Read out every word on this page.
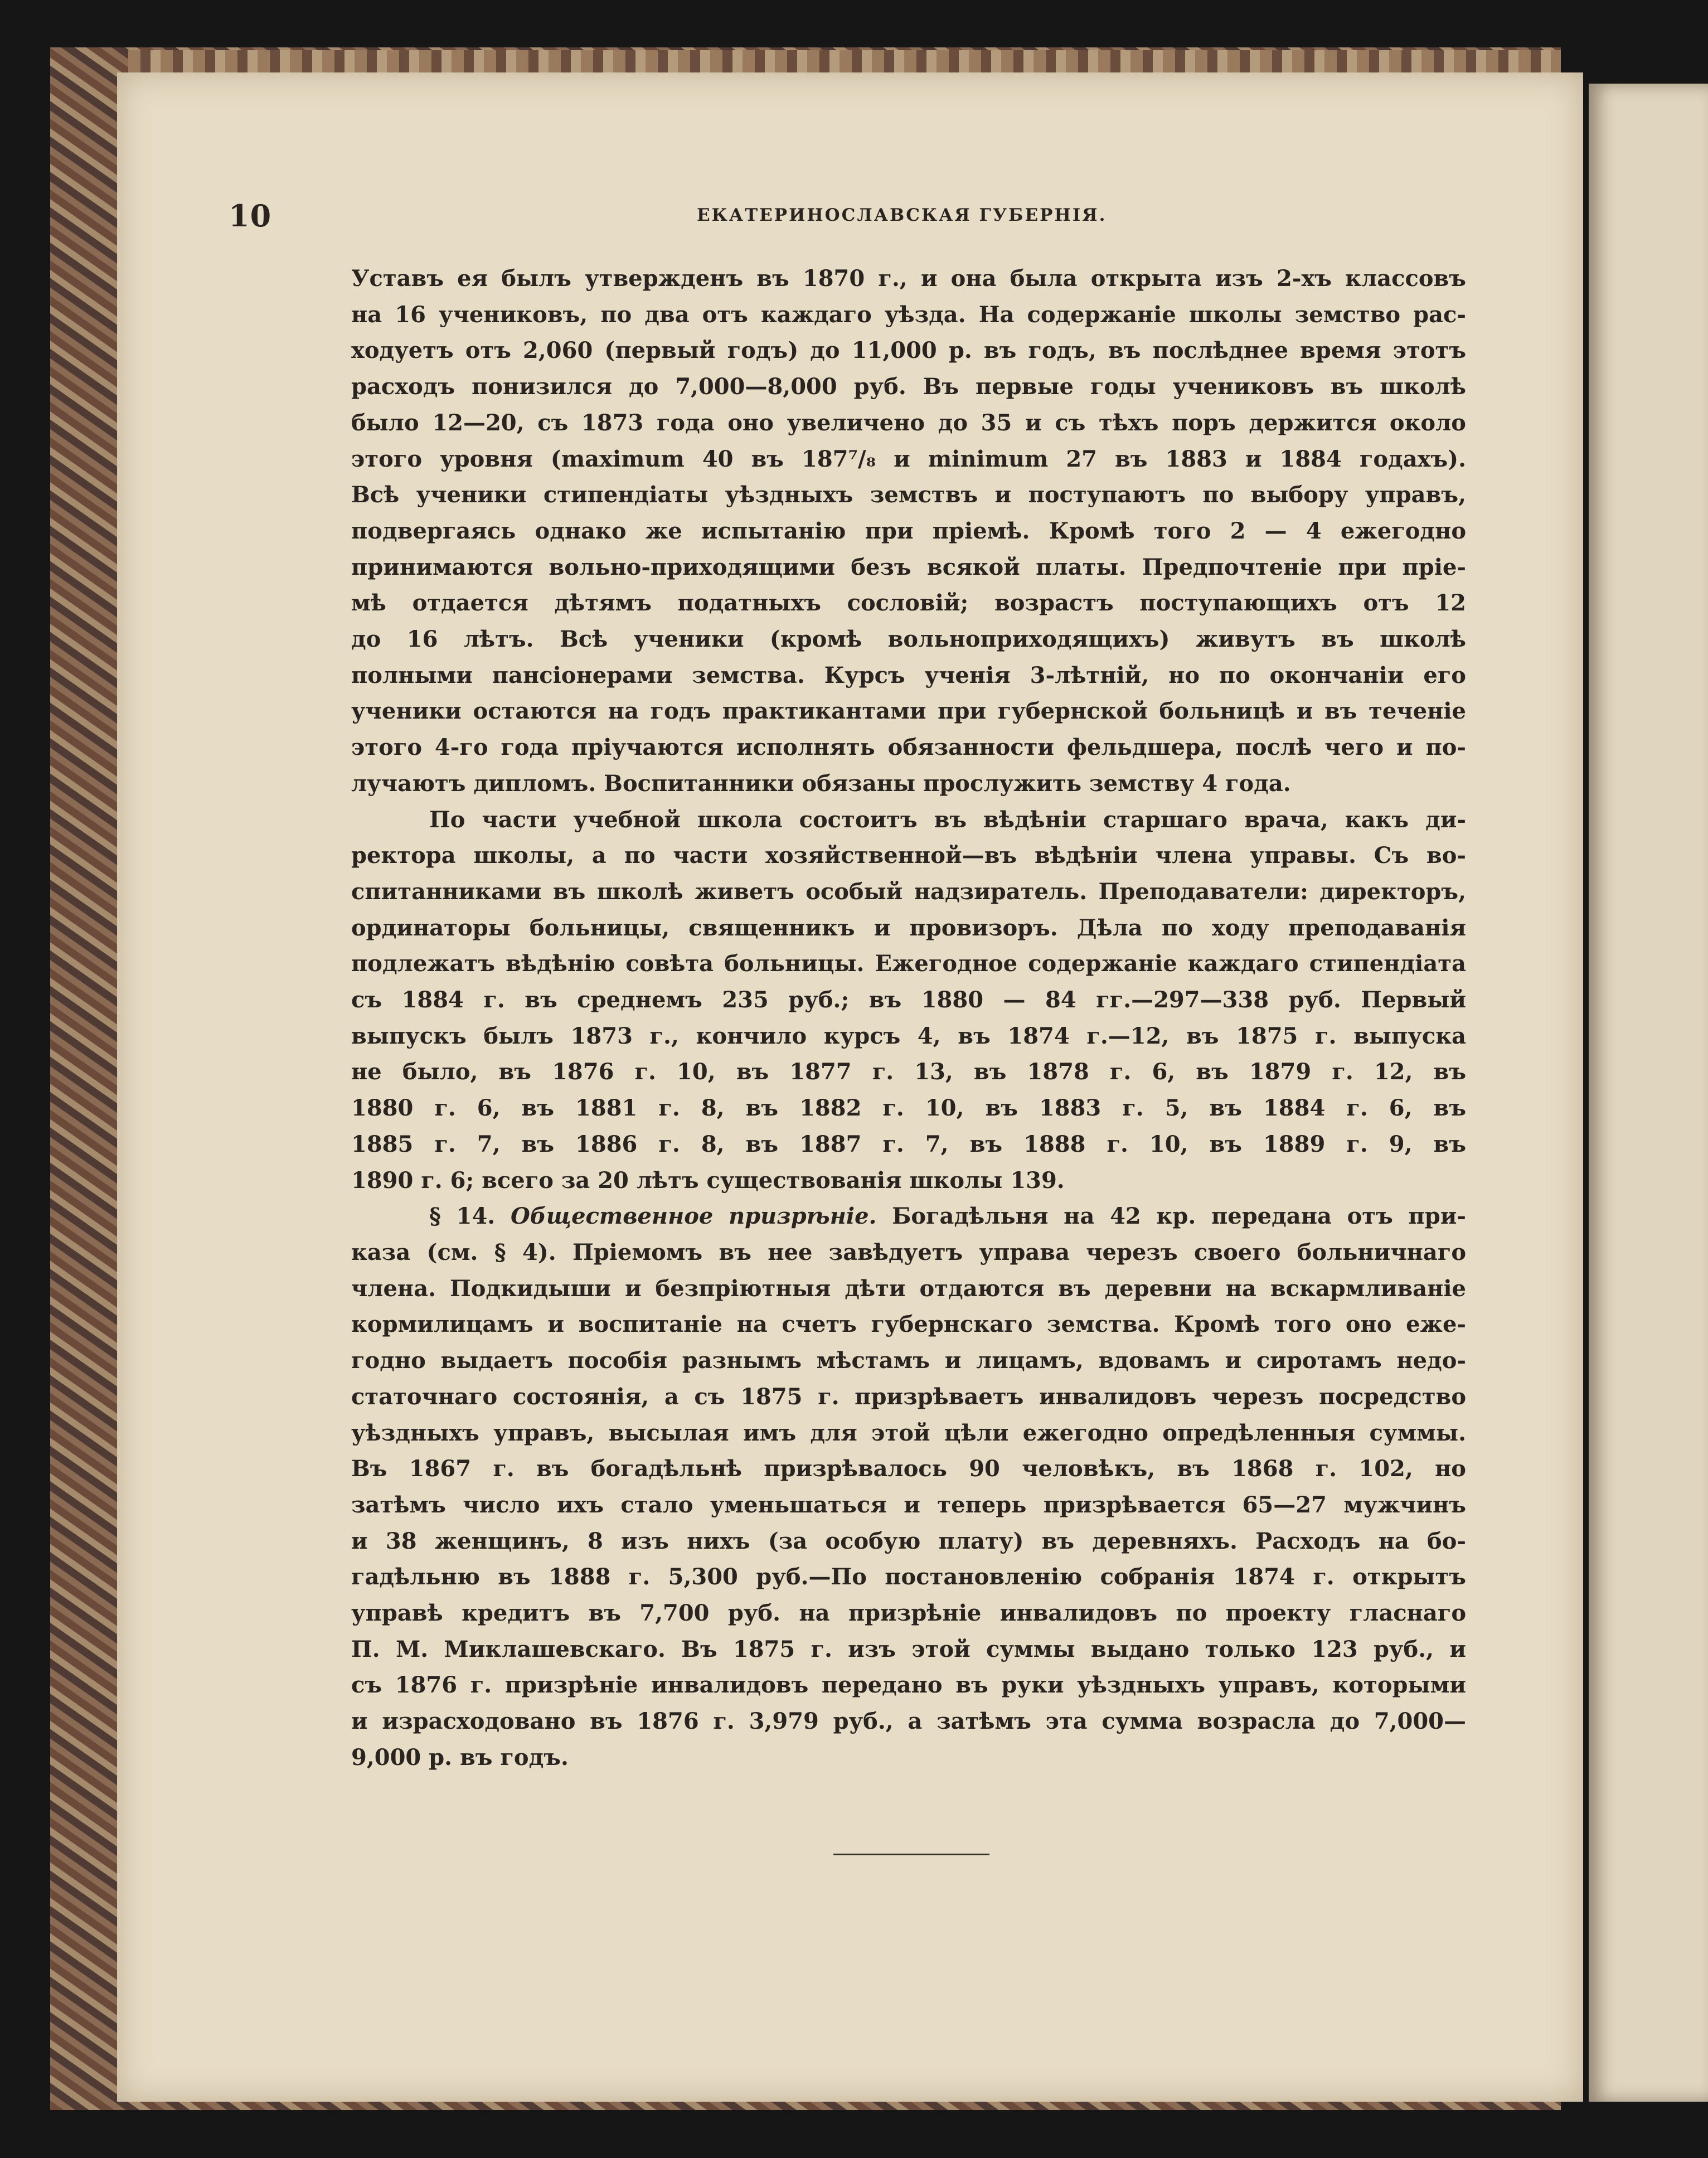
10	ЕКАТЕРИНОСЛАВСКАЯ ГУБЕРНІЯ.
Уставъ ея былъ утвержденъ въ 1870 г., и она была открыта изъ 2-хъ классовъ
на 16 учениковъ, по два отъ каждаго уѣзда. На содержаніе школы земство рас-
ходуетъ отъ 2,060 (первый годъ) до 11,000 р. въ годъ, въ послѣднее время этотъ
расходъ понизился до 7,000—8,000 руб. Въ первые годы учениковъ въ школѣ
было 12—20, съ 1873 года оно увеличено до 35 и съ тѣхъ поръ держится около
этого уровня (maximum 40 въ 187⁷/₈ и minimum 27 въ 1883 и 1884 годахъ).
Всѣ ученики стипендіаты уѣздныхъ земствъ и поступаютъ по выбору управъ,
подвергаясь однако же испытанію при пріемѣ. Кромѣ того 2 — 4 ежегодно
принимаются вольно-приходящими безъ всякой платы. Предпочтеніе при пріе-
мѣ отдается дѣтямъ податныхъ сословій; возрастъ поступающихъ отъ 12
до 16 лѣтъ. Всѣ ученики (кромѣ вольноприходящихъ) живутъ въ школѣ
полными пансіонерами земства. Курсъ ученія 3-лѣтній, но по окончаніи его
ученики остаются на годъ практикантами при губернской больницѣ и въ теченіе
этого 4-го года пріучаются исполнять обязанности фельдшера, послѣ чего и по-
лучаютъ дипломъ. Воспитанники обязаны прослужить земству 4 года.
По части учебной школа состоитъ въ вѣдѣніи старшаго врача, какъ ди-
ректора школы, а по части хозяйственной—въ вѣдѣніи члена управы. Съ во-
спитанниками въ школѣ живетъ особый надзиратель. Преподаватели: директоръ,
ординаторы больницы, священникъ и провизоръ. Дѣла по ходу преподаванія
подлежатъ вѣдѣнію совѣта больницы. Ежегодное содержаніе каждаго стипендіата
съ 1884 г. въ среднемъ 235 руб.; въ 1880 — 84 гг.—297—338 руб. Первый
выпускъ былъ 1873 г., кончило курсъ 4, въ 1874 г.—12, въ 1875 г. выпуска
не было, въ 1876 г. 10, въ 1877 г. 13, въ 1878 г. 6, въ 1879 г. 12, въ
1880 г. 6, въ 1881 г. 8, въ 1882 г. 10, въ 1883 г. 5, въ 1884 г. 6, въ
1885 г. 7, въ 1886 г. 8, въ 1887 г. 7, въ 1888 г. 10, въ 1889 г. 9, въ
1890 г. 6; всего за 20 лѣтъ существованія школы 139.
§ 14. Общественное призрѣніе. Богадѣльня на 42 кр. передана отъ при-
каза (см. § 4). Пріемомъ въ нее завѣдуетъ управа черезъ своего больничнаго
члена. Подкидыши и безпріютныя дѣти отдаются въ деревни на вскармливаніе
кормилицамъ и воспитаніе на счетъ губернскаго земства. Кромѣ того оно еже-
годно выдаетъ пособія разнымъ мѣстамъ и лицамъ, вдовамъ и сиротамъ недо-
статочнаго состоянія, а съ 1875 г. призрѣваетъ инвалидовъ черезъ посредство
уѣздныхъ управъ, высылая имъ для этой цѣли ежегодно опредѣленныя суммы.
Въ 1867 г. въ богадѣльнѣ призрѣвалось 90 человѣкъ, въ 1868 г. 102, но
затѣмъ число ихъ стало уменьшаться и теперь призрѣвается 65—27 мужчинъ
и 38 женщинъ, 8 изъ нихъ (за особую плату) въ деревняхъ. Расходъ на бо-
гадѣльню въ 1888 г. 5,300 руб.—По постановленію собранія 1874 г. открытъ
управѣ кредитъ въ 7,700 руб. на призрѣніе инвалидовъ по проекту гласнаго
П. М. Миклашевскаго. Въ 1875 г. изъ этой суммы выдано только 123 руб., и
съ 1876 г. призрѣніе инвалидовъ передано въ руки уѣздныхъ управъ, которыми
и израсходовано въ 1876 г. 3,979 руб., а затѣмъ эта сумма возрасла до 7,000—
9,000 р. въ годъ.
